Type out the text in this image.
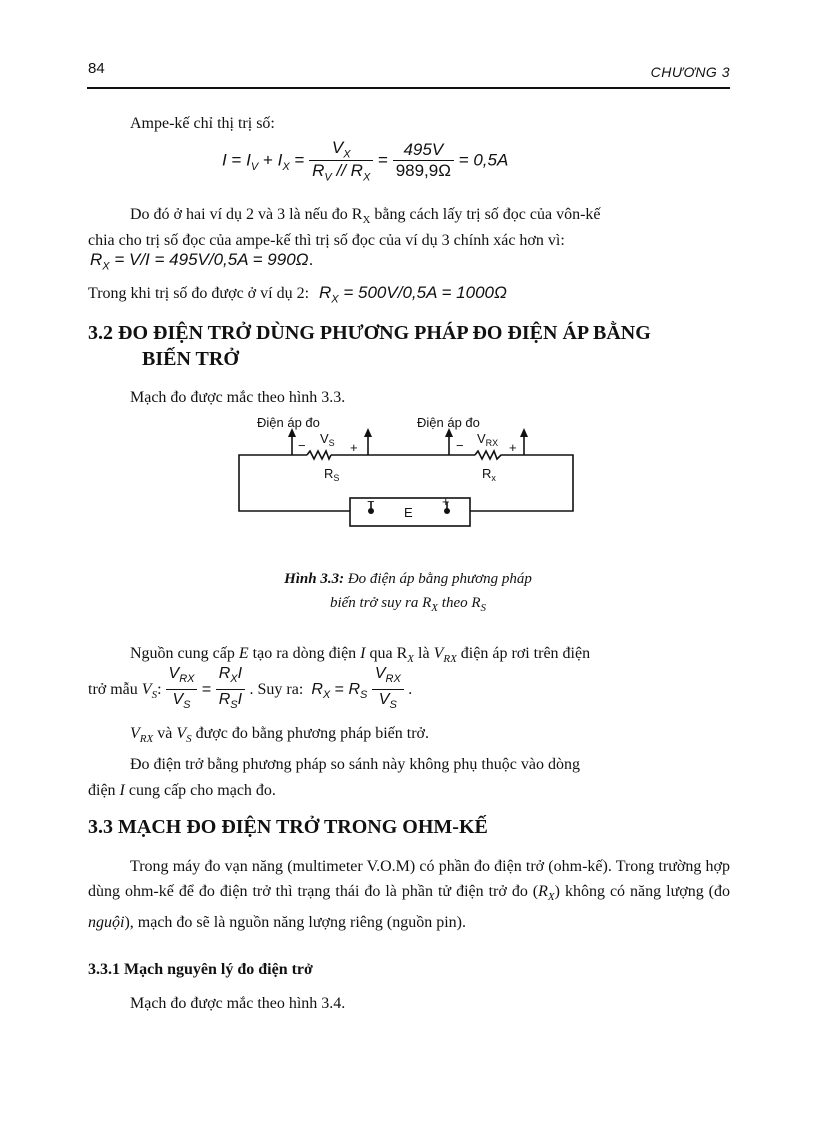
84	CHƯƠNG 3
Ampe-kế chỉ thị trị số:
$I = I_V + I_X = \frac{V_X}{R_V // R_X} = \frac{495V}{989,9\Omega} = 0,5A$
Do đó ở hai ví dụ 2 và 3 là nếu đo $R_X$ bằng cách lấy trị số đọc của vôn-kế
chia cho trị số đọc của ampe-kế thì trị số đọc của ví dụ 3 chính xác hơn vì:
$R_X = V/I = 495V/0,5A = 990\Omega$.
Trong khi trị số đo được ở ví dụ 2: $R_X = 500V/0,5A = 1000\Omega$
3.2 ĐO ĐIỆN TRỞ DÙNG PHƯƠNG PHÁP ĐO ĐIỆN ÁP BẰNG
BIẾN TRỞ
Mạch đo được mắc theo hình 3.3.
Điện áp đo	Điện áp đo
−	+
$V_S$
$R_S$
−	+
$V_{RX}$
$R_x$
−	+
E
Hình 3.3: Đo điện áp bằng phương pháp
biến trở suy ra $R_X$ theo $R_S$
Nguồn cung cấp E tạo ra dòng điện I qua $R_X$ là $V_{RX}$ điện áp rơi trên điện
trở mẫu $V_S$: $\frac{V_{RX}}{V_S} = \frac{R_XI}{R_SI}$ . Suy ra: $R_X = R_S \frac{V_{RX}}{V_S}$ .
$V_{RX}$ và $V_S$ được đo bằng phương pháp biến trở.
Đo điện trở bằng phương pháp so sánh này không phụ thuộc vào dòng
điện I cung cấp cho mạch đo.
3.3 MẠCH ĐO ĐIỆN TRỞ TRONG OHM-KẾ
Trong máy đo vạn năng (multimeter V.O.M) có phần đo điện trở (ohm-kế). Trong trường hợp dùng ohm-kế để đo điện trở thì trạng thái đo là phần tử điện trở đo $(R_X)$ không có năng lượng (đo nguội), mạch đo sẽ là nguồn năng lượng riêng (nguồn pin).
3.3.1 Mạch nguyên lý đo điện trở
Mạch đo được mắc theo hình 3.4.
